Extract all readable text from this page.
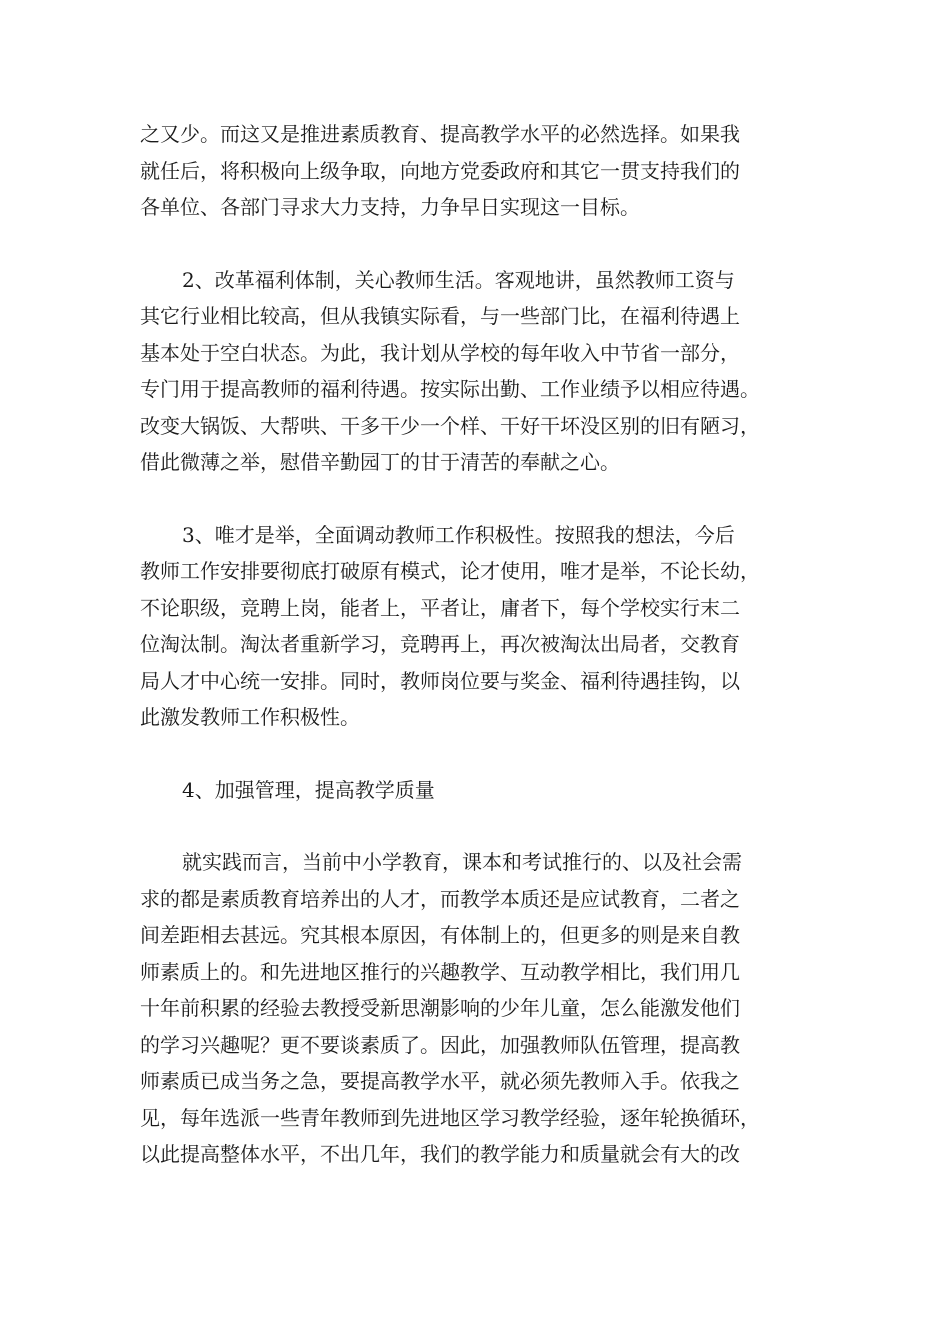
之又少。而这又是推进素质教育、提高教学水平的必然选择。如果我
就任后，将积极向上级争取，向地方党委政府和其它一贯支持我们的
各单位、各部门寻求大力支持，力争早日实现这一目标。
2、改革福利体制，关心教师生活。客观地讲，虽然教师工资与
其它行业相比较高，但从我镇实际看，与一些部门比，在福利待遇上
基本处于空白状态。为此，我计划从学校的每年收入中节省一部分，
专门用于提高教师的福利待遇。按实际出勤、工作业绩予以相应待遇。
改变大锅饭、大帮哄、干多干少一个样、干好干坏没区别的旧有陋习，
借此微薄之举，慰借辛勤园丁的甘于清苦的奉献之心。
3、唯才是举，全面调动教师工作积极性。按照我的想法，今后
教师工作安排要彻底打破原有模式，论才使用，唯才是举，不论长幼，
不论职级，竞聘上岗，能者上，平者让，庸者下，每个学校实行末二
位淘汰制。淘汰者重新学习，竞聘再上，再次被淘汰出局者，交教育
局人才中心统一安排。同时，教师岗位要与奖金、福利待遇挂钩，以
此激发教师工作积极性。
4、加强管理，提高教学质量
就实践而言，当前中小学教育，课本和考试推行的、以及社会需
求的都是素质教育培养出的人才，而教学本质还是应试教育，二者之
间差距相去甚远。究其根本原因，有体制上的，但更多的则是来自教
师素质上的。和先进地区推行的兴趣教学、互动教学相比，我们用几
十年前积累的经验去教授受新思潮影响的少年儿童，怎么能激发他们
的学习兴趣呢？更不要谈素质了。因此，加强教师队伍管理，提高教
师素质已成当务之急，要提高教学水平，就必须先教师入手。依我之
见，每年选派一些青年教师到先进地区学习教学经验，逐年轮换循环，
以此提高整体水平，不出几年，我们的教学能力和质量就会有大的改
